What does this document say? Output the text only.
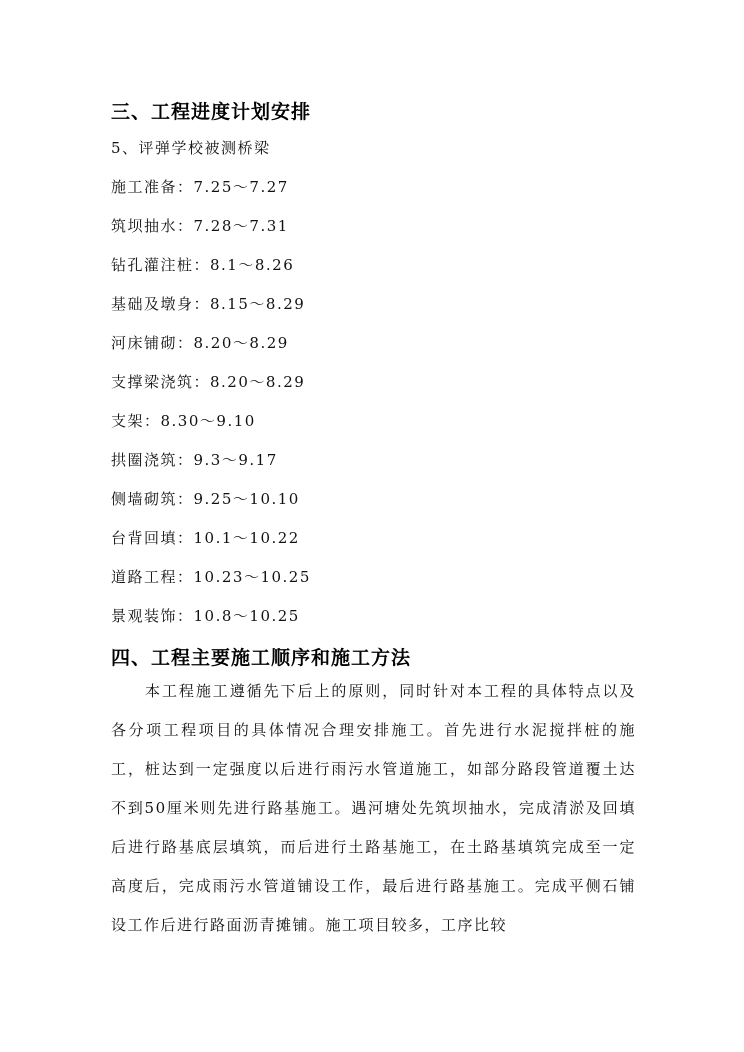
三、工程进度计划安排
5、评弹学校被测桥梁
施工准备：7.25～7.27
筑坝抽水：7.28～7.31
钻孔灌注桩：8.1～8.26
基础及墩身：8.15～8.29
河床铺砌：8.20～8.29
支撑梁浇筑：8.20～8.29
支架：8.30～9.10
拱圈浇筑：9.3～9.17
侧墙砌筑：9.25～10.10
台背回填：10.1～10.22
道路工程：10.23～10.25
景观装饰：10.8～10.25
四、工程主要施工顺序和施工方法

本工程施工遵循先下后上的原则，同时针对本工程的具体特点以及各分项工程项目的具体情况合理安排施工。首先进行水泥搅拌桩的施工，桩达到一定强度以后进行雨污水管道施工，如部分路段管道覆土达不到50厘米则先进行路基施工。遇河塘处先筑坝抽水，完成清淤及回填后进行路基底层填筑，而后进行土路基施工，在土路基填筑完成至一定高度后，完成雨污水管道铺设工作，最后进行路基施工。完成平侧石铺设工作后进行路面沥青摊铺。施工项目较多，工序比较
